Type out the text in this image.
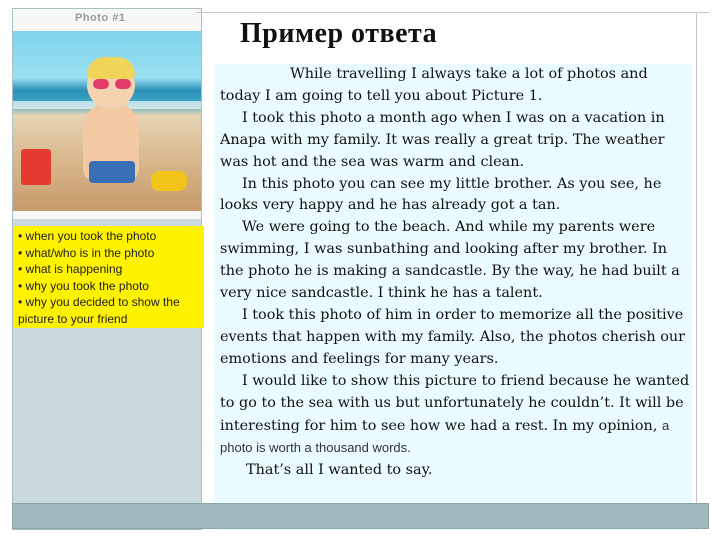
Photo #1
• when you took the photo
• what/who is in the photo
• what is happening
• why you took the photo
• why you decided to show the picture to your friend
Пример ответа

While travelling I always take a lot of photos and today I am going to tell you about Picture 1.

I took this photo a month ago when I was on a vacation in Anapa with my family. It was really a great trip. The weather was hot and the sea was warm and clean.

In this photo you can see my little brother. As you see, he looks very happy and he has already got a tan.

We were going to the beach. And while my parents were swimming, I was sunbathing and looking after my brother. In the photo he is making a sandcastle. By the way, he had built a very nice sandcastle. I think he has a talent.

I took this photo of him in order to memorize all the positive events that happen with my family. Also, the photos cherish our emotions and feelings for many years.

I would like to show this picture to friend because he wanted to go to the sea with us but unfortunately he couldn’t. It will be interesting for him to see how we had a rest. In my opinion, a photo is worth a thousand words.

That’s all I wanted to say.
